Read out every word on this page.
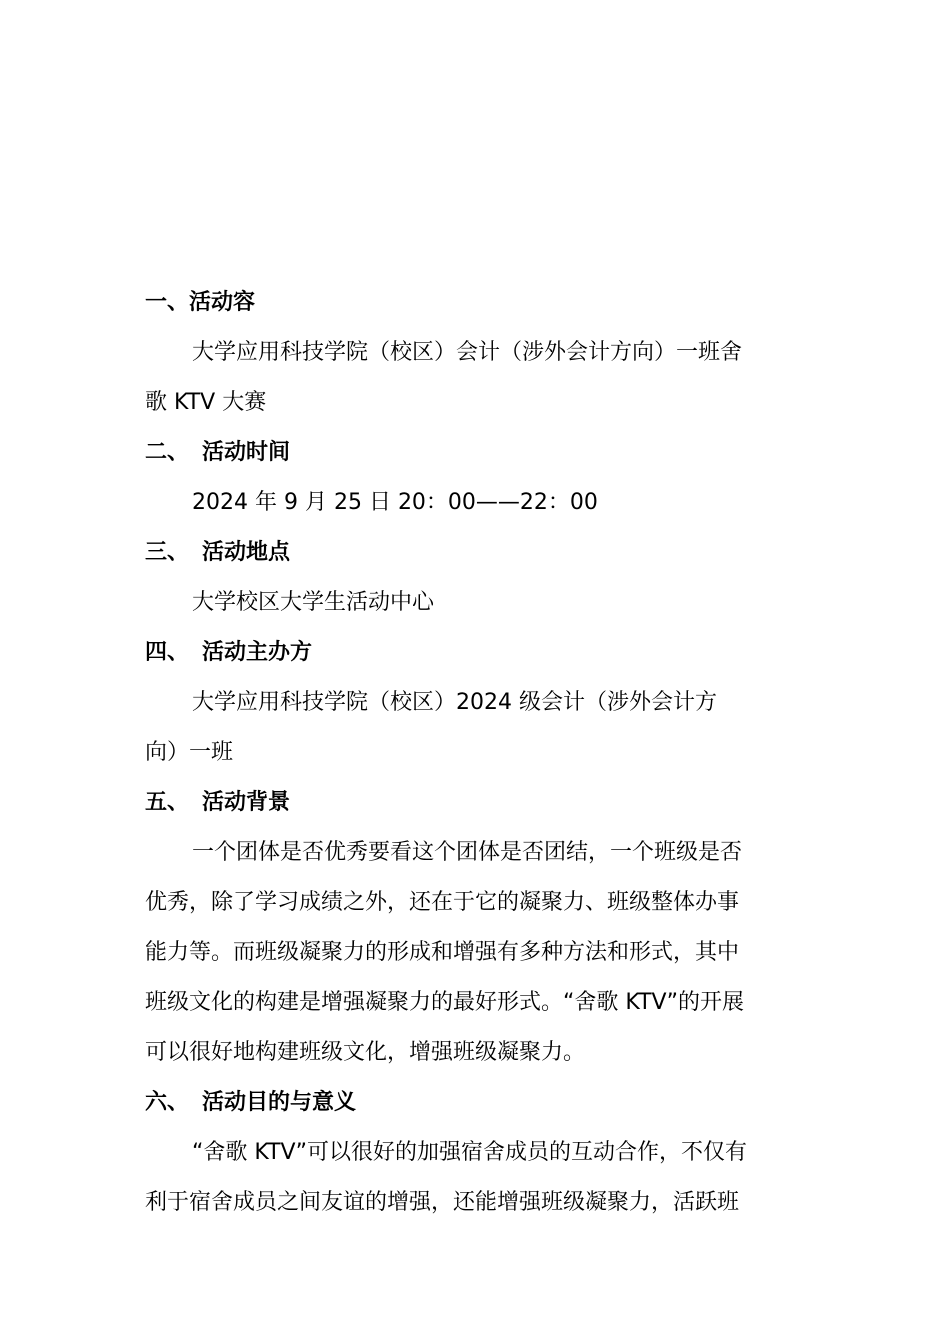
一、活动容

大学应用科技学院（校区）会计（涉外会计方向）一班舍
歌 KTV 大赛

二、 活动时间

2024 年 9 月 25 日 20：00——22：00

三、 活动地点

大学校区大学生活动中心

四、 活动主办方

大学应用科技学院（校区）2024 级会计（涉外会计方
向）一班

五、 活动背景

一个团体是否优秀要看这个团体是否团结，一个班级是否
优秀，除了学习成绩之外，还在于它的凝聚力、班级整体办事
能力等。而班级凝聚力的形成和增强有多种方法和形式，其中
班级文化的构建是增强凝聚力的最好形式。“舍歌 KTV”的开展
可以很好地构建班级文化，增强班级凝聚力。

六、 活动目的与意义

“舍歌 KTV”可以很好的加强宿舍成员的互动合作，不仅有
利于宿舍成员之间友谊的增强，还能增强班级凝聚力，活跃班
